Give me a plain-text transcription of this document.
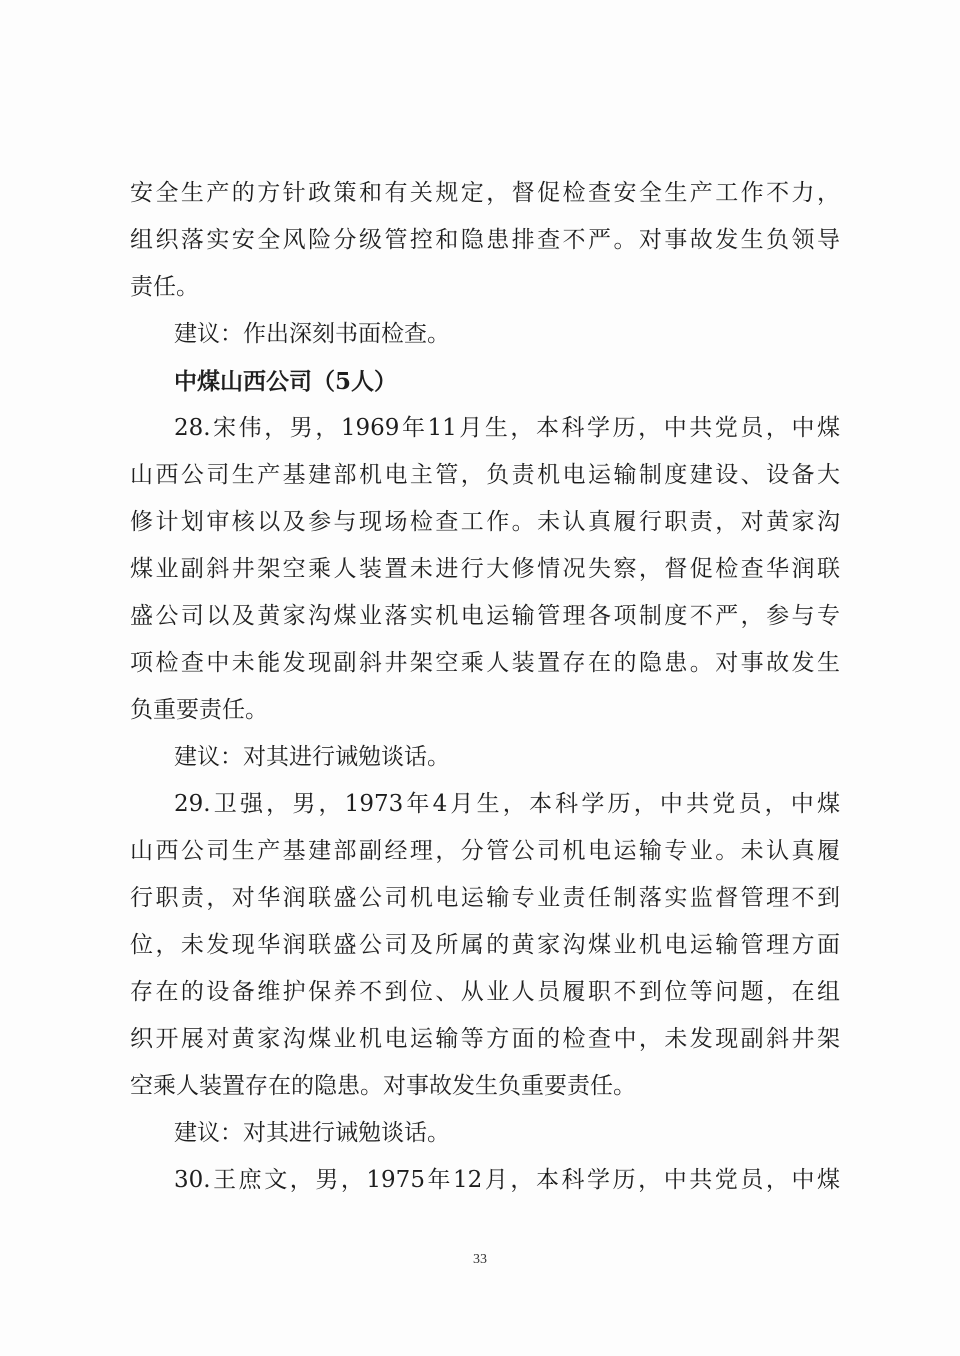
安全生产的方针政策和有关规定，督促检查安全生产工作不力，
组织落实安全风险分级管控和隐患排查不严。对事故发生负领导
责任。
建议：作出深刻书面检查。
中煤山西公司（5人）
28.宋伟，男，1969年11月生，本科学历，中共党员，中煤
山西公司生产基建部机电主管，负责机电运输制度建设、设备大
修计划审核以及参与现场检查工作。未认真履行职责，对黄家沟
煤业副斜井架空乘人装置未进行大修情况失察，督促检查华润联
盛公司以及黄家沟煤业落实机电运输管理各项制度不严，参与专
项检查中未能发现副斜井架空乘人装置存在的隐患。对事故发生
负重要责任。
建议：对其进行诫勉谈话。
29.卫强，男，1973年4月生，本科学历，中共党员，中煤
山西公司生产基建部副经理，分管公司机电运输专业。未认真履
行职责，对华润联盛公司机电运输专业责任制落实监督管理不到
位，未发现华润联盛公司及所属的黄家沟煤业机电运输管理方面
存在的设备维护保养不到位、从业人员履职不到位等问题，在组
织开展对黄家沟煤业机电运输等方面的检查中，未发现副斜井架
空乘人装置存在的隐患。对事故发生负重要责任。
建议：对其进行诫勉谈话。
30.王庶文，男，1975年12月，本科学历，中共党员，中煤
33
